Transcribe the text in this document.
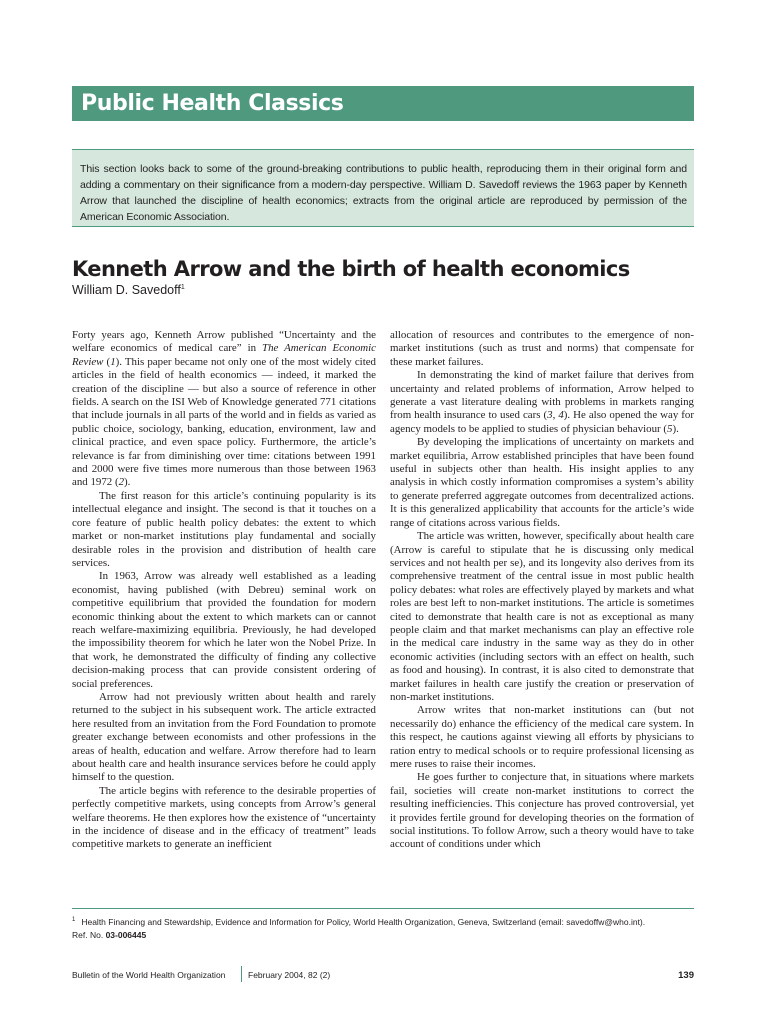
Public Health Classics
This section looks back to some of the ground-breaking contributions to public health, reproducing them in their original form and adding a commentary on their significance from a modern-day perspective. William D. Savedoff reviews the 1963 paper by Kenneth Arrow that launched the discipline of health economics; extracts from the original article are reproduced by permission of the American Economic Association.
Kenneth Arrow and the birth of health economics
William D. Savedoff$^1$

Forty years ago, Kenneth Arrow published “Uncertainty and the welfare economics of medical care” in The American Economic Review (1). This paper became not only one of the most widely cited articles in the field of health economics — indeed, it marked the creation of the discipline — but also a source of reference in other fields. A search on the ISI Web of Knowledge generated 771 citations that include journals in all parts of the world and in fields as varied as public choice, sociology, banking, education, environment, law and clinical practice, and even space policy. Furthermore, the article’s relevance is far from diminishing over time: citations between 1991 and 2000 were five times more numerous than those between 1963 and 1972 (2).

The first reason for this article’s continuing popularity is its intellectual elegance and insight. The second is that it touches on a core feature of public health policy debates: the extent to which market or non-market institutions play fundamental and socially desirable roles in the provision and distribution of health care services.

In 1963, Arrow was already well established as a leading economist, having published (with Debreu) seminal work on competitive equilibrium that provided the foundation for modern economic thinking about the extent to which markets can or cannot reach welfare-maximizing equilibria. Previously, he had developed the impossibility theorem for which he later won the Nobel Prize. In that work, he demonstrated the difficulty of finding any collective decision-making process that can provide consistent ordering of social preferences.

Arrow had not previously written about health and rarely returned to the subject in his subsequent work. The article extracted here resulted from an invitation from the Ford Foundation to promote greater exchange between economists and other professions in the areas of health, education and welfare. Arrow therefore had to learn about health care and health insurance services before he could apply himself to the question.

The article begins with reference to the desirable properties of perfectly competitive markets, using concepts from Arrow’s general welfare theorems. He then explores how the existence of “uncertainty in the incidence of disease and in the efficacy of treatment” leads competitive markets to generate an inefficient

allocation of resources and contributes to the emergence of non-market institutions (such as trust and norms) that compensate for these market failures.

In demonstrating the kind of market failure that derives from uncertainty and related problems of information, Arrow helped to generate a vast literature dealing with problems in markets ranging from health insurance to used cars (3, 4). He also opened the way for agency models to be applied to studies of physician behaviour (5).

By developing the implications of uncertainty on markets and market equilibria, Arrow established principles that have been found useful in subjects other than health. His insight applies to any analysis in which costly information compromises a system’s ability to generate preferred aggregate outcomes from decentralized actions. It is this generalized applicability that accounts for the article’s wide range of citations across various fields.

The article was written, however, specifically about health care (Arrow is careful to stipulate that he is discussing only medical services and not health per se), and its longevity also derives from its comprehensive treatment of the central issue in most public health policy debates: what roles are effectively played by markets and what roles are best left to non-market institutions. The article is sometimes cited to demonstrate that health care is not as exceptional as many people claim and that market mechanisms can play an effective role in the medical care industry in the same way as they do in other economic activities (including sectors with an effect on health, such as food and housing). In contrast, it is also cited to demonstrate that market failures in health care justify the creation or preservation of non-market institutions.

Arrow writes that non-market institutions can (but not necessarily do) enhance the efficiency of the medical care system. In this respect, he cautions against viewing all efforts by physicians to ration entry to medical schools or to require professional licensing as mere ruses to raise their incomes.

He goes further to conjecture that, in situations where markets fail, societies will create non-market institutions to correct the resulting inefficiencies. This conjecture has proved controversial, yet it provides fertile ground for developing theories on the formation of social institutions. To follow Arrow, such a theory would have to take account of conditions under which

$^1$ Health Financing and Stewardship, Evidence and Information for Policy, World Health Organization, Geneva, Switzerland (email: savedoffw@who.int).
Ref. No. 03-006445
Bulletin of the World Health Organization	February 2004, 82 (2)	139
